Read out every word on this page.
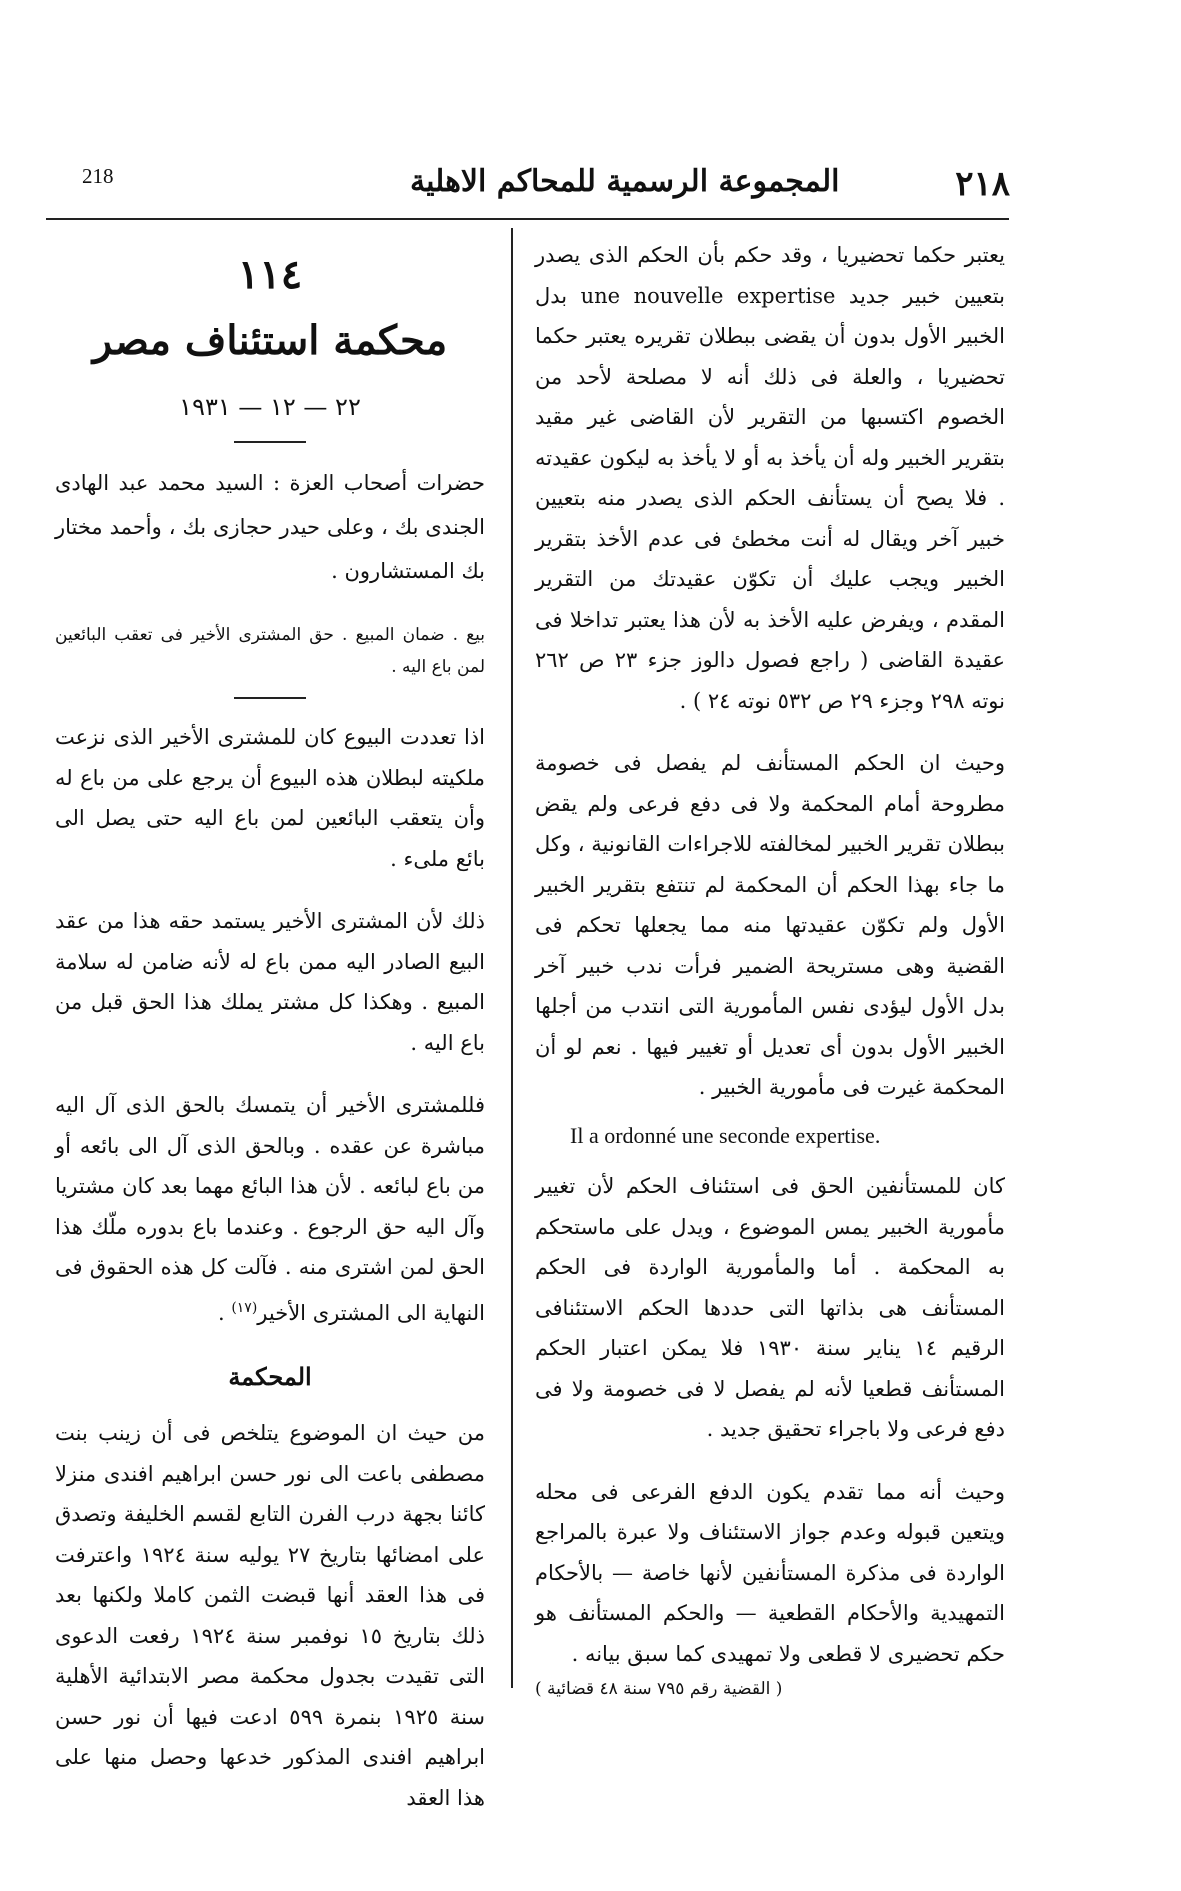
218	المجموعة الرسمية للمحاكم الاهلية	٢١٨

يعتبر حكما تحضيريا ، وقد حكم بأن الحكم الذى يصدر بتعيين خبير جديد une nouvelle expertise بدل الخبير الأول بدون أن يقضى ببطلان تقريره يعتبر حكما تحضيريا ، والعلة فى ذلك أنه لا مصلحة لأحد من الخصوم اكتسبها من التقرير لأن القاضى غير مقيد بتقرير الخبير وله أن يأخذ به أو لا يأخذ به ليكون عقيدته . فلا يصح أن يستأنف الحكم الذى يصدر منه بتعيين خبير آخر ويقال له أنت مخطئ فى عدم الأخذ بتقرير الخبير ويجب عليك أن تكوّن عقيدتك من التقرير المقدم ، ويفرض عليه الأخذ به لأن هذا يعتبر تداخلا فى عقيدة القاضى ( راجع فصول دالوز جزء ٢٣ ص ٢٦٢ نوته ٢٩٨ وجزء ٢٩ ص ٥٣٢ نوته ٢٤ ) .

وحيث ان الحكم المستأنف لم يفصل فى خصومة مطروحة أمام المحكمة ولا فى دفع فرعى ولم يقض ببطلان تقرير الخبير لمخالفته للاجراءات القانونية ، وكل ما جاء بهذا الحكم أن المحكمة لم تنتفع بتقرير الخبير الأول ولم تكوّن عقيدتها منه مما يجعلها تحكم فى القضية وهى مستريحة الضمير فرأت ندب خبير آخر بدل الأول ليؤدى نفس المأمورية التى انتدب من أجلها الخبير الأول بدون أى تعديل أو تغيير فيها . نعم لو أن المحكمة غيرت فى مأمورية الخبير .

Il a ordonné une seconde expertise.

كان للمستأنفين الحق فى استئناف الحكم لأن تغيير مأمورية الخبير يمس الموضوع ، ويدل على ماستحكم به المحكمة . أما والمأمورية الواردة فى الحكم المستأنف هى بذاتها التى حددها الحكم الاستئنافى الرقيم ١٤ يناير سنة ١٩٣٠ فلا يمكن اعتبار الحكم المستأنف قطعيا لأنه لم يفصل لا فى خصومة ولا فى دفع فرعى ولا باجراء تحقيق جديد .

وحيث أنه مما تقدم يكون الدفع الفرعى فى محله ويتعين قبوله وعدم جواز الاستئناف ولا عبرة بالمراجع الواردة فى مذكرة المستأنفين لأنها خاصة — بالأحكام التمهيدية والأحكام القطعية — والحكم المستأنف هو حكم تحضيرى لا قطعى ولا تمهيدى كما سبق بيانه .

( القضية رقم ٧٩٥ سنة ٤٨ قضائية )

١١٤
محكمة استئناف مصر
٢٢ — ١٢ — ١٩٣١

حضرات أصحاب العزة : السيد محمد عبد الهادى الجندى بك ، وعلى حيدر حجازى بك ، وأحمد مختار بك المستشارون .

بيع . ضمان المبيع . حق المشترى الأخير فى تعقب البائعين لمن باع اليه .

اذا تعددت البيوع كان للمشترى الأخير الذى نزعت ملكيته لبطلان هذه البيوع أن يرجع على من باع له وأن يتعقب البائعين لمن باع اليه حتى يصل الى بائع ملىء .

ذلك لأن المشترى الأخير يستمد حقه هذا من عقد البيع الصادر اليه ممن باع له لأنه ضامن له سلامة المبيع . وهكذا كل مشتر يملك هذا الحق قبل من باع اليه .

فللمشترى الأخير أن يتمسك بالحق الذى آل اليه مباشرة عن عقده . وبالحق الذى آل الى بائعه أو من باع لبائعه . لأن هذا البائع مهما بعد كان مشتريا وآل اليه حق الرجوع . وعندما باع بدوره ملّك هذا الحق لمن اشترى منه . فآلت كل هذه الحقوق فى النهاية الى المشترى الأخير$^{(١٧)}$ .

المحكمة

من حيث ان الموضوع يتلخص فى أن زينب بنت مصطفى باعت الى نور حسن ابراهيم افندى منزلا كائنا بجهة درب الفرن التابع لقسم الخليفة وتصدق على امضائها بتاريخ ٢٧ يوليه سنة ١٩٢٤ واعترفت فى هذا العقد أنها قبضت الثمن كاملا ولكنها بعد ذلك بتاريخ ١٥ نوفمبر سنة ١٩٢٤ رفعت الدعوى التى تقيدت بجدول محكمة مصر الابتدائية الأهلية سنة ١٩٢٥ بنمرة ٥٩٩ ادعت فيها أن نور حسن ابراهيم افندى المذكور خدعها وحصل منها على هذا العقد
